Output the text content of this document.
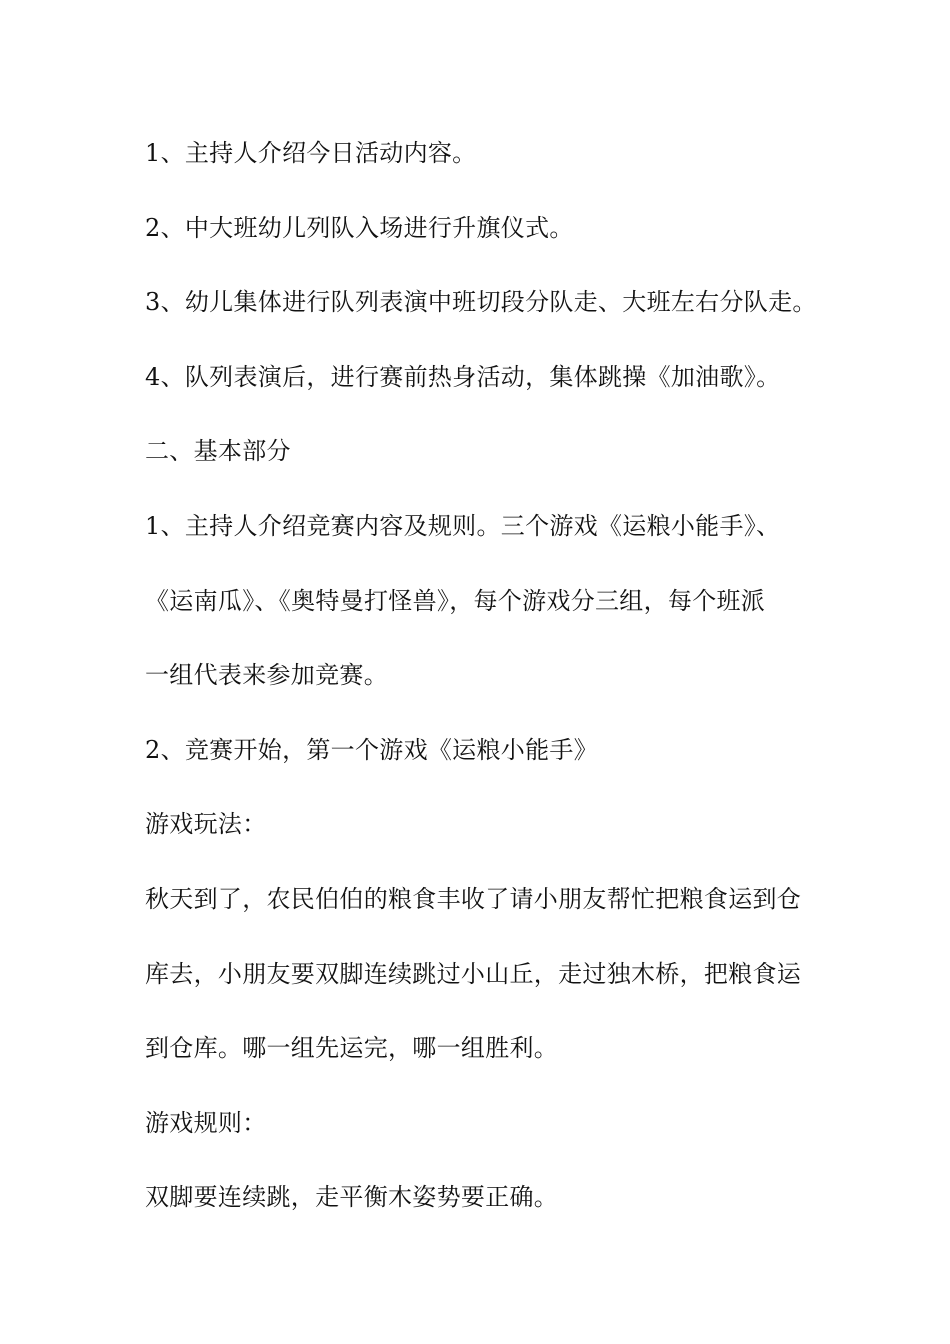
1、主持人介绍今日活动内容。
2、中大班幼儿列队入场进行升旗仪式。
3、幼儿集体进行队列表演中班切段分队走、大班左右分队走。
4、队列表演后，进行赛前热身活动，集体跳操《加油歌》。
二、基本部分
1、主持人介绍竞赛内容及规则。三个游戏《运粮小能手》、
《运南瓜》、《奥特曼打怪兽》，每个游戏分三组，每个班派
一组代表来参加竞赛。
2、竞赛开始，第一个游戏《运粮小能手》
游戏玩法：
秋天到了，农民伯伯的粮食丰收了请小朋友帮忙把粮食运到仓
库去，小朋友要双脚连续跳过小山丘，走过独木桥，把粮食运
到仓库。哪一组先运完，哪一组胜利。
游戏规则：
双脚要连续跳，走平衡木姿势要正确。
